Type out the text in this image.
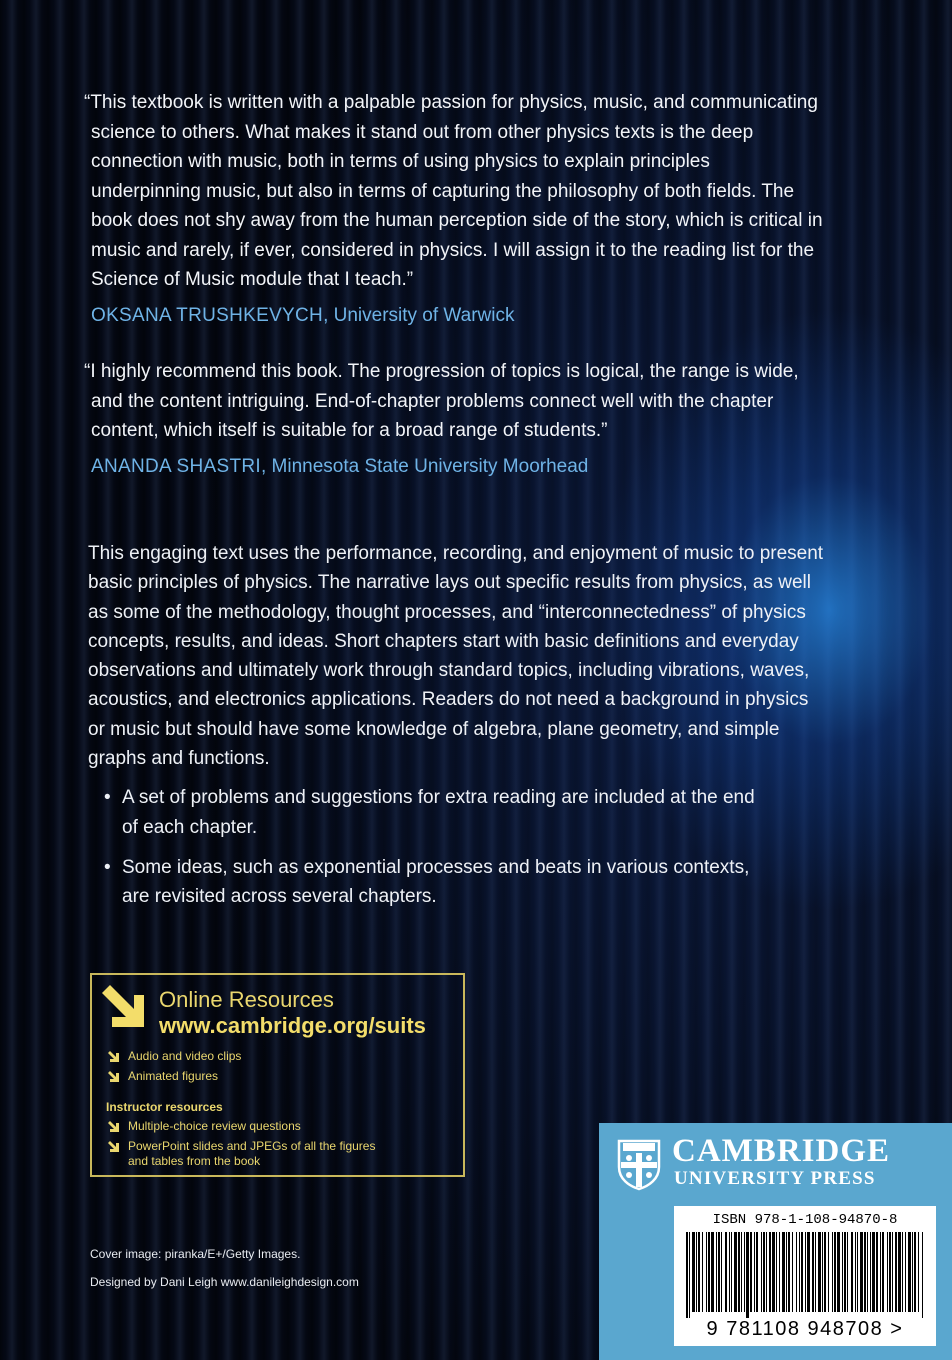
“This textbook is written with a palpable passion for physics, music, and communicating science to others. What makes it stand out from other physics texts is the deep connection with music, both in terms of using physics to explain principles underpinning music, but also in terms of capturing the philosophy of both fields. The book does not shy away from the human perception side of the story, which is critical in music and rarely, if ever, considered in physics. I will assign it to the reading list for the Science of Music module that I teach.”

OKSANA TRUSHKEVYCH, University of Warwick

“I highly recommend this book. The progression of topics is logical, the range is wide, and the content intriguing. End-of-chapter problems connect well with the chapter content, which itself is suitable for a broad range of students.”

ANANDA SHASTRI, Minnesota State University Moorhead

This engaging text uses the performance, recording, and enjoyment of music to present basic principles of physics. The narrative lays out specific results from physics, as well as some of the methodology, thought processes, and “interconnectedness” of physics concepts, results, and ideas. Short chapters start with basic definitions and everyday observations and ultimately work through standard topics, including vibrations, waves, acoustics, and electronics applications. Readers do not need a background in physics or music but should have some knowledge of algebra, plane geometry, and simple graphs and functions.

• A set of problems and suggestions for extra reading are included at the end of each chapter.
• Some ideas, such as exponential processes and beats in various contexts, are revisited across several chapters.
Online Resources
www.cambridge.org/suits
Audio and video clips
Animated figures
Instructor resources
Multiple-choice review questions
PowerPoint slides and JPEGs of all the figures and tables from the book
Cover image: piranka/E+/Getty Images.
Designed by Dani Leigh www.danileighdesign.com
CAMBRIDGE
UNIVERSITY PRESS
ISBN 978-1-108-94870-8
9 781108 948708 >
